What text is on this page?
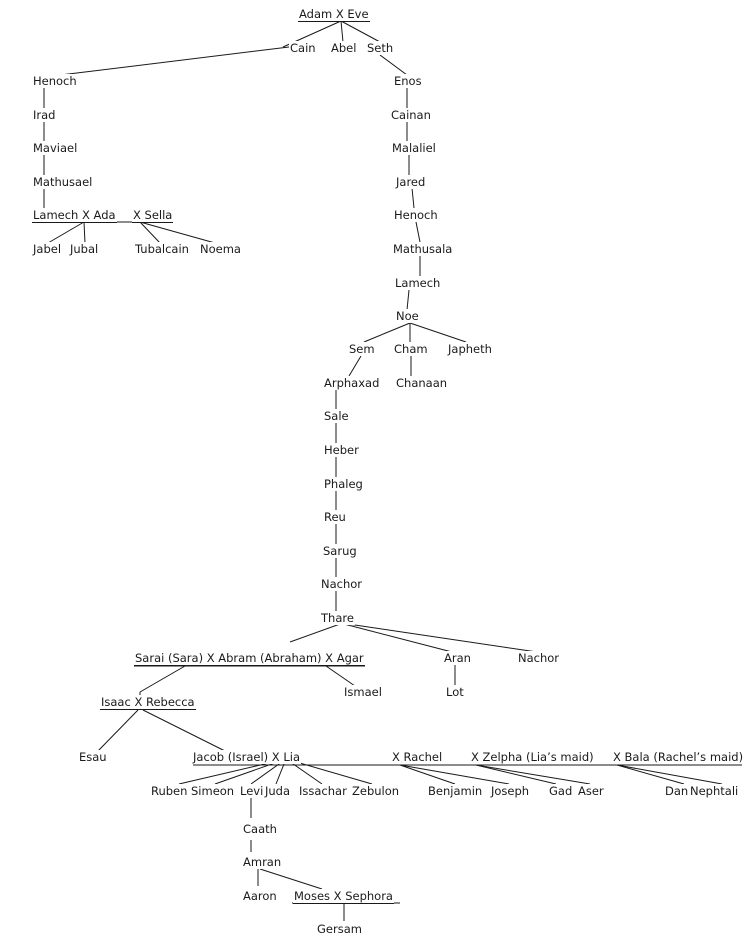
Adam X Eve
Cain Abel Seth
Henoch
Irad
Maviael
Mathusael
Lamech X Ada X Sella
Jabel Jubal	Tubalcain Noema
Enos
Cainan
Malaliel
Jared
Henoch
Mathusala
Lamech
Noe
Sem Cham Japheth
Arphaxad Chanaan
Sale
Heber
Phaleg
Reu
Sarug
Nachor
Thare
Sarai (Sara) X Abram (Abraham) X Agar	Aran	Nachor
Ismael	Lot
Isaac X Rebecca
Esau	Jacob (Israel) X Lia	X Rachel	X Zelpha (Lia’s maid) X Bala (Rachel’s maid)
Ruben Simeon Levi Juda Issachar Zebulon	Benjamin Joseph Gad Aser	Dan Nephtali
Caath
Amran
Aaron Moses X Sephora
Gersam
